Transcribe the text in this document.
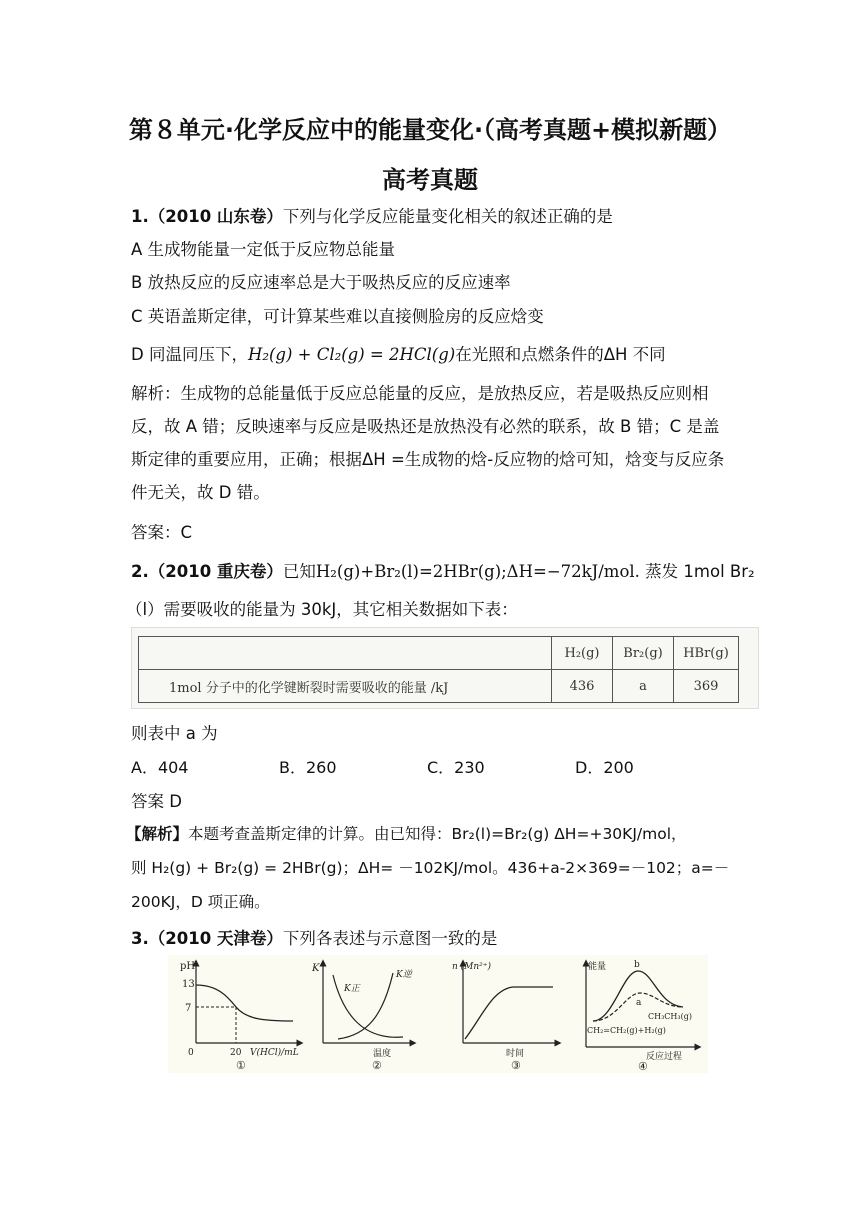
第８单元·化学反应中的能量变化·（高考真题+模拟新题）
高考真题
1.（2010 山东卷）下列与化学反应能量变化相关的叙述正确的是
A 生成物能量一定低于反应物总能量
B 放热反应的反应速率总是大于吸热反应的反应速率
C 英语盖斯定律，可计算某些难以直接侧脸房的反应焓变
D 同温同压下，H₂(g) + Cl₂(g) = 2HCl(g)在光照和点燃条件的ΔH 不同
解析：生成物的总能量低于反应总能量的反应，是放热反应，若是吸热反应则相反，故 A 错；反映速率与反应是吸热还是放热没有必然的联系，故 B 错；C 是盖斯定律的重要应用，正确；根据ΔH =生成物的焓-反应物的焓可知，焓变与反应条件无关，故 D 错。
答案：C
2.（2010 重庆卷）已知H₂(g)+Br₂(l)=2HBr(g);ΔH=−72kJ/mol. 蒸发 1mol Br₂
（l）需要吸收的能量为 30kJ，其它相关数据如下表：
	H₂(g)	Br₂(g)	HBr(g)
1mol 分子中的化学键断裂时需要吸收的能量 /kJ	436	a	369
则表中 a 为
A．404	B．260	C．230	D．200
答案 D
【解析】本题考查盖斯定律的计算。由已知得：Br₂(l)=Br₂(g) ΔH=+30KJ/mol，
则 H₂(g) + Br₂(g) = 2HBr(g)；ΔH= －102KJ/mol。436+a-2×369=－102；a=－
200KJ，D 项正确。
3.（2010 天津卷）下列各表述与示意图一致的是
pH
13
7
0	20 V(HCl)/mL
①
K
K正
K逆
温度
②
n (Mn²⁺)
时间
③
能量	b
a
CH₃CH₃(g)
CH₂=CH₂(g)+H₂(g)
反应过程
④
